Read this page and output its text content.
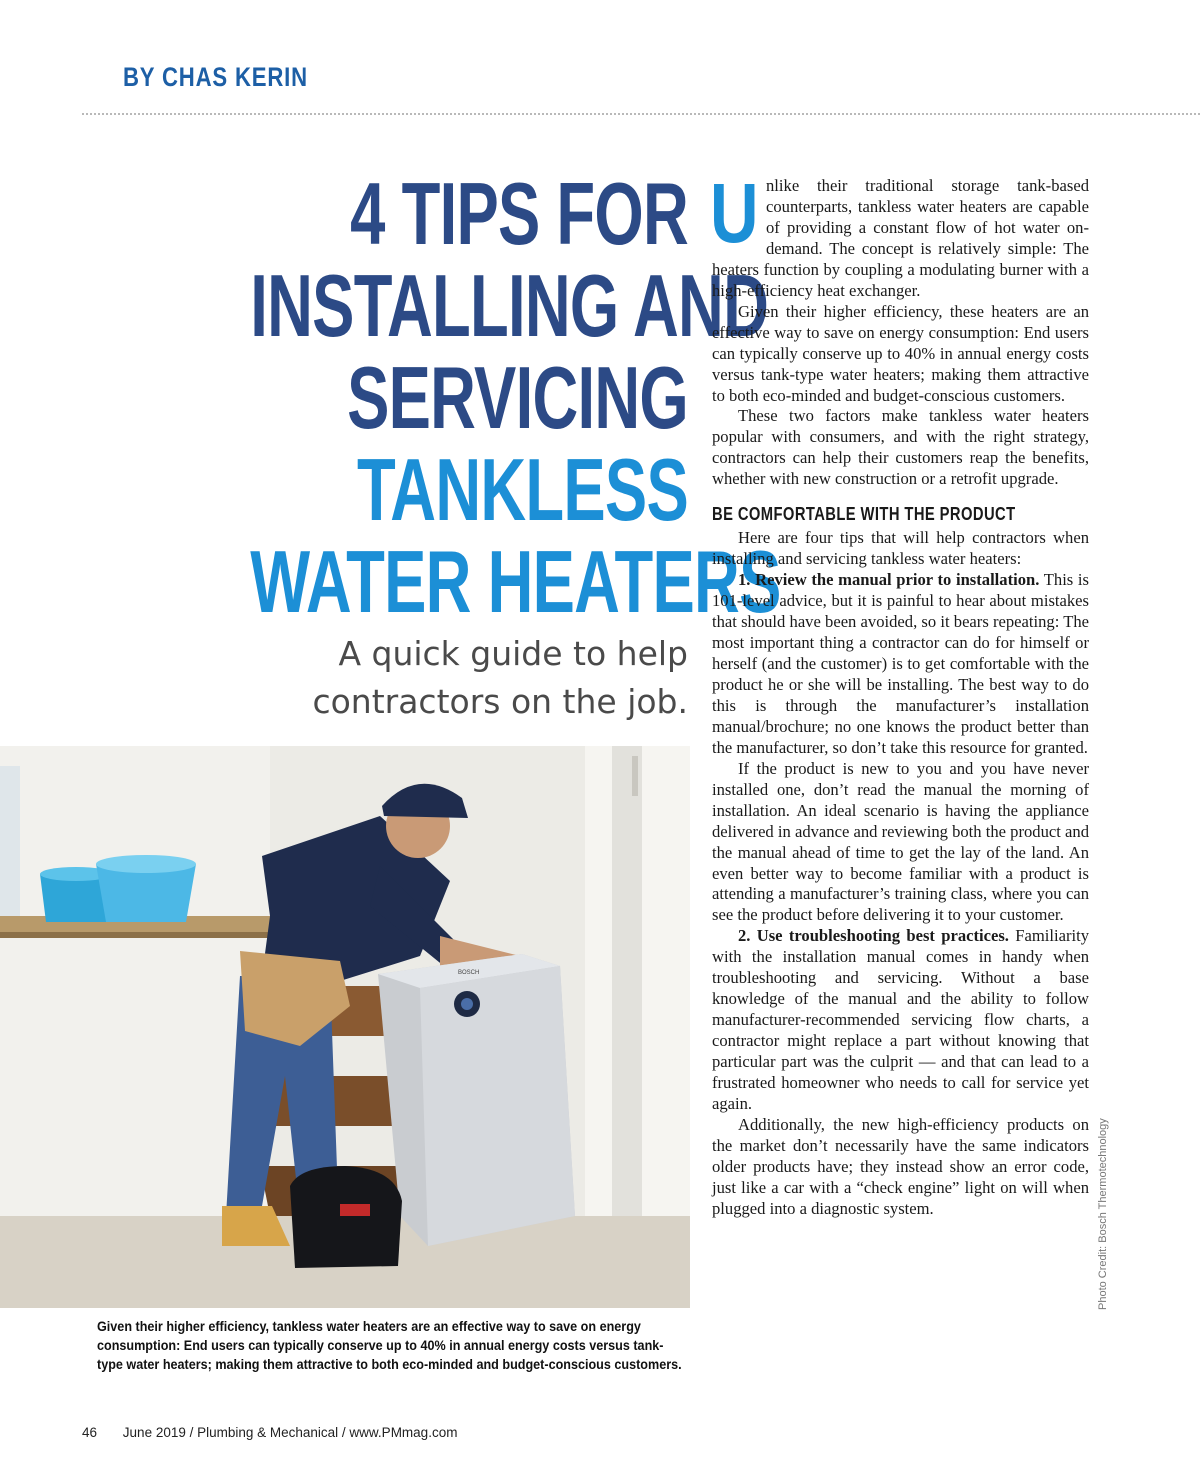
BY CHAS KERIN
4 TIPS FOR
INSTALLING AND
SERVICING
TANKLESS
WATER HEATERS
A quick guide to help
contractors on the job.
BOSCH
Given their higher efficiency, tankless water heaters are an effective way to save on energy consumption: End users can typically conserve up to 40% in annual energy costs versus tank-type water heaters; making them attractive to both eco-minded and budget-conscious customers.
Photo Credit: Bosch Thermotechnology

Unlike their traditional storage tank-based counterparts, tankless water heaters are capable of providing a constant flow of hot water on-demand. The concept is relatively simple: The heaters function by coupling a modulating burner with a high-efficiency heat exchanger.

Given their higher efficiency, these heaters are an effective way to save on energy consumption: End users can typically conserve up to 40% in annual energy costs versus tank-type water heaters; making them attractive to both eco-minded and budget-conscious customers.

These two factors make tankless water heaters popular with consumers, and with the right strategy, contractors can help their customers reap the benefits, whether with new construction or a retrofit upgrade.

BE COMFORTABLE WITH THE PRODUCT

Here are four tips that will help contractors when installing and servicing tankless water heaters:

1. Review the manual prior to installation. This is 101-level advice, but it is painful to hear about mistakes that should have been avoided, so it bears repeating: The most important thing a contractor can do for himself or herself (and the customer) is to get comfortable with the product he or she will be installing. The best way to do this is through the manufacturer’s installation manual/brochure; no one knows the product better than the manufacturer, so don’t take this resource for granted.

If the product is new to you and you have never installed one, don’t read the manual the morning of installation. An ideal scenario is having the appliance delivered in advance and reviewing both the product and the manual ahead of time to get the lay of the land. An even better way to become familiar with a product is attending a manufacturer’s training class, where you can see the product before delivering it to your customer.

2. Use troubleshooting best practices. Familiarity with the installation manual comes in handy when troubleshooting and servicing. Without a base knowledge of the manual and the ability to follow manufacturer-recommended servicing flow charts, a contractor might replace a part without knowing that particular part was the culprit — and that can lead to a frustrated homeowner who needs to call for service yet again.

Additionally, the new high-efficiency products on the market don’t necessarily have the same indicators older products have; they instead show an error code, just like a car with a “check engine” light on will when plugged into a diagnostic system.

46 June 2019 / Plumbing & Mechanical / www.PMmag.com
